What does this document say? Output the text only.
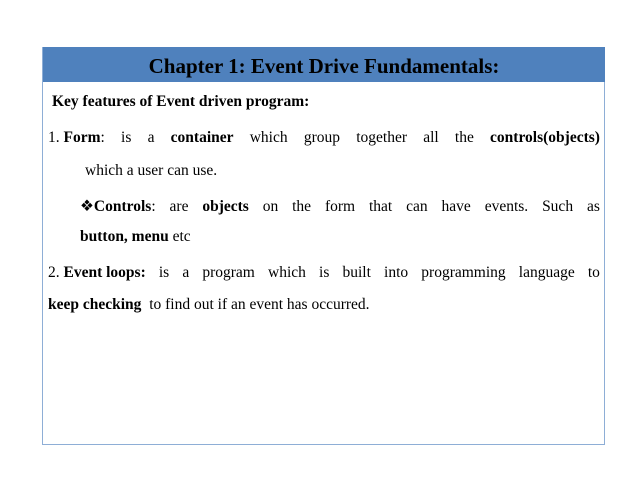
Chapter 1: Event Drive Fundamentals:
Key features of Event driven program:
1. Form: is a container which group together all the controls(objects)
which a user can use.
❖Controls: are objects on the form that can have events. Such as
button, menu etc
2. Event loops: is a program which is built into programming language to
keep checking  to find out if an event has occurred.
